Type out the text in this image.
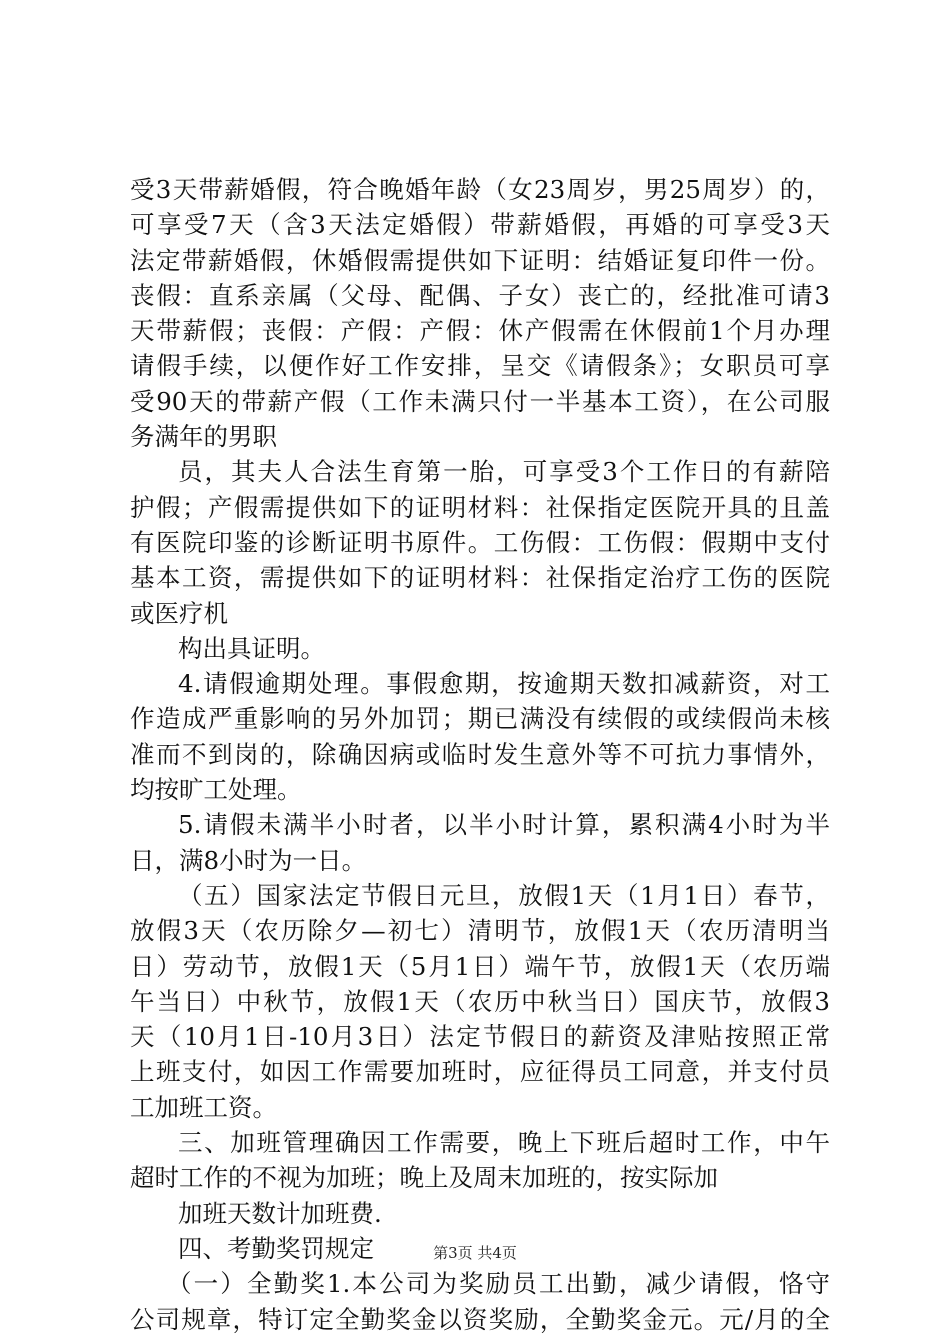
受3天带薪婚假，符合晚婚年龄（女23周岁，男25周岁）的，
可享受7天（含3天法定婚假）带薪婚假，再婚的可享受3天
法定带薪婚假，休婚假需提供如下证明：结婚证复印件一份。
丧假：直系亲属（父母、配偶、子女）丧亡的，经批准可请3
天带薪假；丧假：产假：产假：休产假需在休假前1个月办理
请假手续，以便作好工作安排，呈交《请假条》；女职员可享
受90天的带薪产假（工作未满只付一半基本工资），在公司服
务满年的男职
员，其夫人合法生育第一胎，可享受3个工作日的有薪陪
护假；产假需提供如下的证明材料：社保指定医院开具的且盖
有医院印鉴的诊断证明书原件。工伤假：工伤假：假期中支付
基本工资，需提供如下的证明材料：社保指定治疗工伤的医院
或医疗机
构出具证明。
4.请假逾期处理。事假愈期，按逾期天数扣减薪资，对工
作造成严重影响的另外加罚；期已满没有续假的或续假尚未核
准而不到岗的，除确因病或临时发生意外等不可抗力事情外，
均按旷工处理。
5.请假未满半小时者，以半小时计算，累积满4小时为半
日，满8小时为一日。
（五）国家法定节假日元旦，放假1天（1月1日）春节，
放假3天（农历除夕—初七）清明节，放假1天（农历清明当
日）劳动节，放假1天（5月1日）端午节，放假1天（农历端
午当日）中秋节，放假1天（农历中秋当日）国庆节，放假3
天（10月1日-10月3日）法定节假日的薪资及津贴按照正常
上班支付，如因工作需要加班时，应征得员工同意，并支付员
工加班工资。
三、加班管理确因工作需要，晚上下班后超时工作，中午
超时工作的不视为加班；晚上及周末加班的，按实际加
加班天数计加班费.
四、考勤奖罚规定
（一）全勤奖1.本公司为奖励员工出勤，减少请假，恪守
公司规章，特订定全勤奖金以资奖励，全勤奖金元。元/月的全
第3页 共4页
